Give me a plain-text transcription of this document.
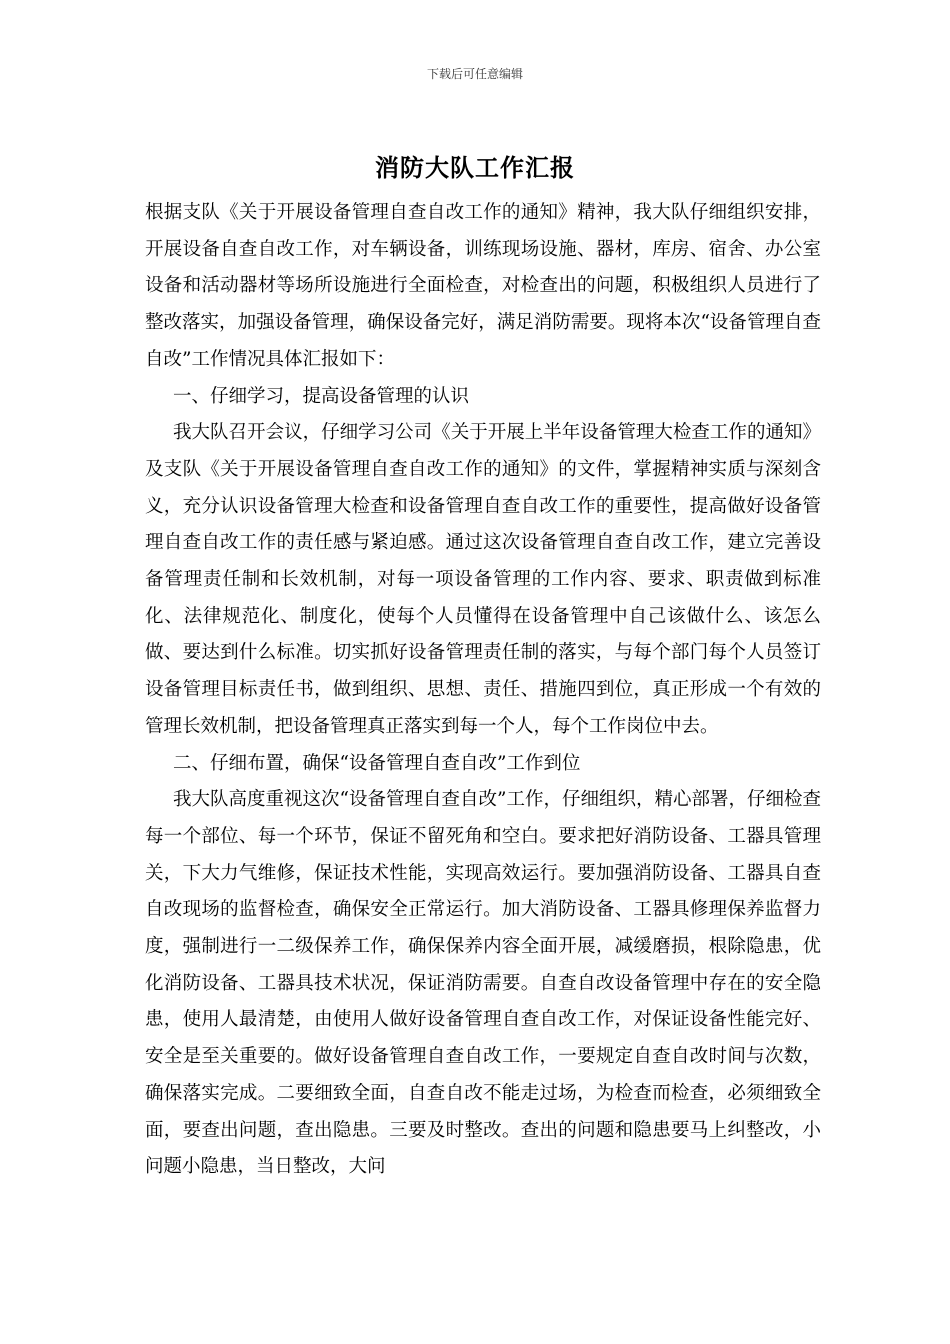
下载后可任意编辑
消防大队工作汇报

根据支队《关于开展设备管理自查自改工作的通知》精神，我大队仔细组织安排，开展设备自查自改工作，对车辆设备，训练现场设施、器材，库房、宿舍、办公室设备和活动器材等场所设施进行全面检查，对检查出的问题，积极组织人员进行了整改落实，加强设备管理，确保设备完好，满足消防需要。现将本次“设备管理自查自改”工作情况具体汇报如下：

一、仔细学习，提高设备管理的认识

我大队召开会议，仔细学习公司《关于开展上半年设备管理大检查工作的通知》及支队《关于开展设备管理自查自改工作的通知》的文件，掌握精神实质与深刻含义，充分认识设备管理大检查和设备管理自查自改工作的重要性，提高做好设备管理自查自改工作的责任感与紧迫感。通过这次设备管理自查自改工作，建立完善设备管理责任制和长效机制，对每一项设备管理的工作内容、要求、职责做到标准化、法律规范化、制度化，使每个人员懂得在设备管理中自己该做什么、该怎么做、要达到什么标准。切实抓好设备管理责任制的落实，与每个部门每个人员签订设备管理目标责任书，做到组织、思想、责任、措施四到位，真正形成一个有效的管理长效机制，把设备管理真正落实到每一个人，每个工作岗位中去。

二、仔细布置，确保“设备管理自查自改”工作到位

我大队高度重视这次“设备管理自查自改”工作，仔细组织，精心部署，仔细检查每一个部位、每一个环节，保证不留死角和空白。要求把好消防设备、工器具管理关，下大力气维修，保证技术性能，实现高效运行。要加强消防设备、工器具自查自改现场的监督检查，确保安全正常运行。加大消防设备、工器具修理保养监督力度，强制进行一二级保养工作，确保保养内容全面开展，减缓磨损，根除隐患，优化消防设备、工器具技术状况，保证消防需要。自查自改设备管理中存在的安全隐患，使用人最清楚，由使用人做好设备管理自查自改工作，对保证设备性能完好、安全是至关重要的。做好设备管理自查自改工作，一要规定自查自改时间与次数，确保落实完成。二要细致全面，自查自改不能走过场，为检查而检查，必须细致全面，要查出问题，查出隐患。三要及时整改。查出的问题和隐患要马上纠整改，小问题小隐患，当日整改，大问
